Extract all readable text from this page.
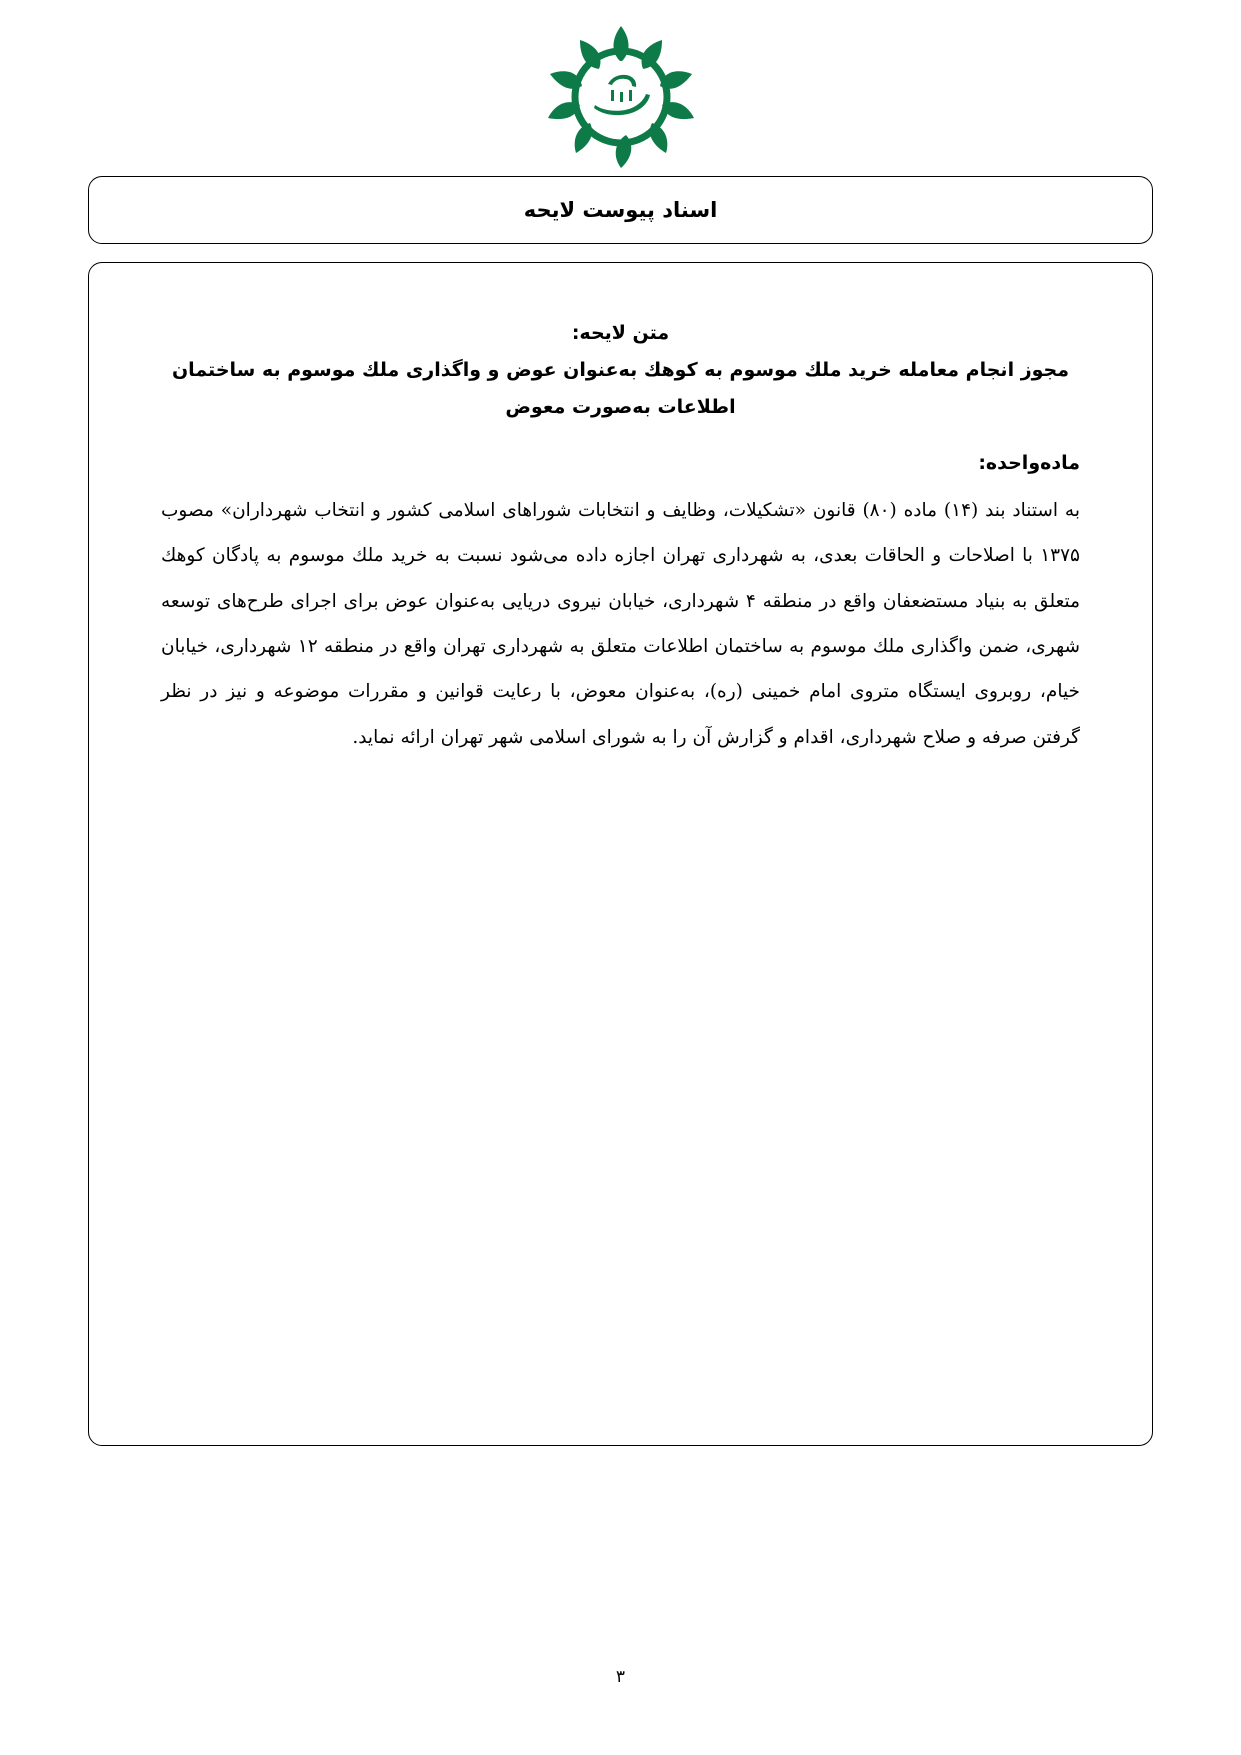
اسناد پیوست لایحه
متن لایحه:
مجوز انجام معامله خرید ملك موسوم به كوهك به‌عنوان عوض و واگذاری ملك موسوم به ساختمان
اطلاعات به‌صورت معوض
ماده‌واحده:
به استناد بند (۱۴) ماده (۸۰) قانون «تشکیلات، وظایف و انتخابات شوراهای اسلامی کشور و انتخاب شهرداران» مصوب ۱۳۷۵ با اصلاحات و الحاقات بعدی، به شهرداری تهران اجازه داده می‌شود نسبت به خرید ملك موسوم به پادگان كوهك متعلق به بنیاد مستضعفان واقع در منطقه ۴ شهرداری، خیابان نیروی دریایی به‌عنوان عوض برای اجرای طرح‌های توسعه شهری، ضمن واگذاری ملك موسوم به ساختمان اطلاعات متعلق به شهرداری تهران واقع در منطقه ۱۲ شهرداری، خیابان خیام، روبروی ایستگاه متروی امام خمینی (ره)، به‌عنوان معوض، با رعایت قوانین و مقررات موضوعه و نیز در نظر گرفتن صرفه و صلاح شهرداری، اقدام و گزارش آن را به شورای اسلامی شهر تهران ارائه نماید.
۳
